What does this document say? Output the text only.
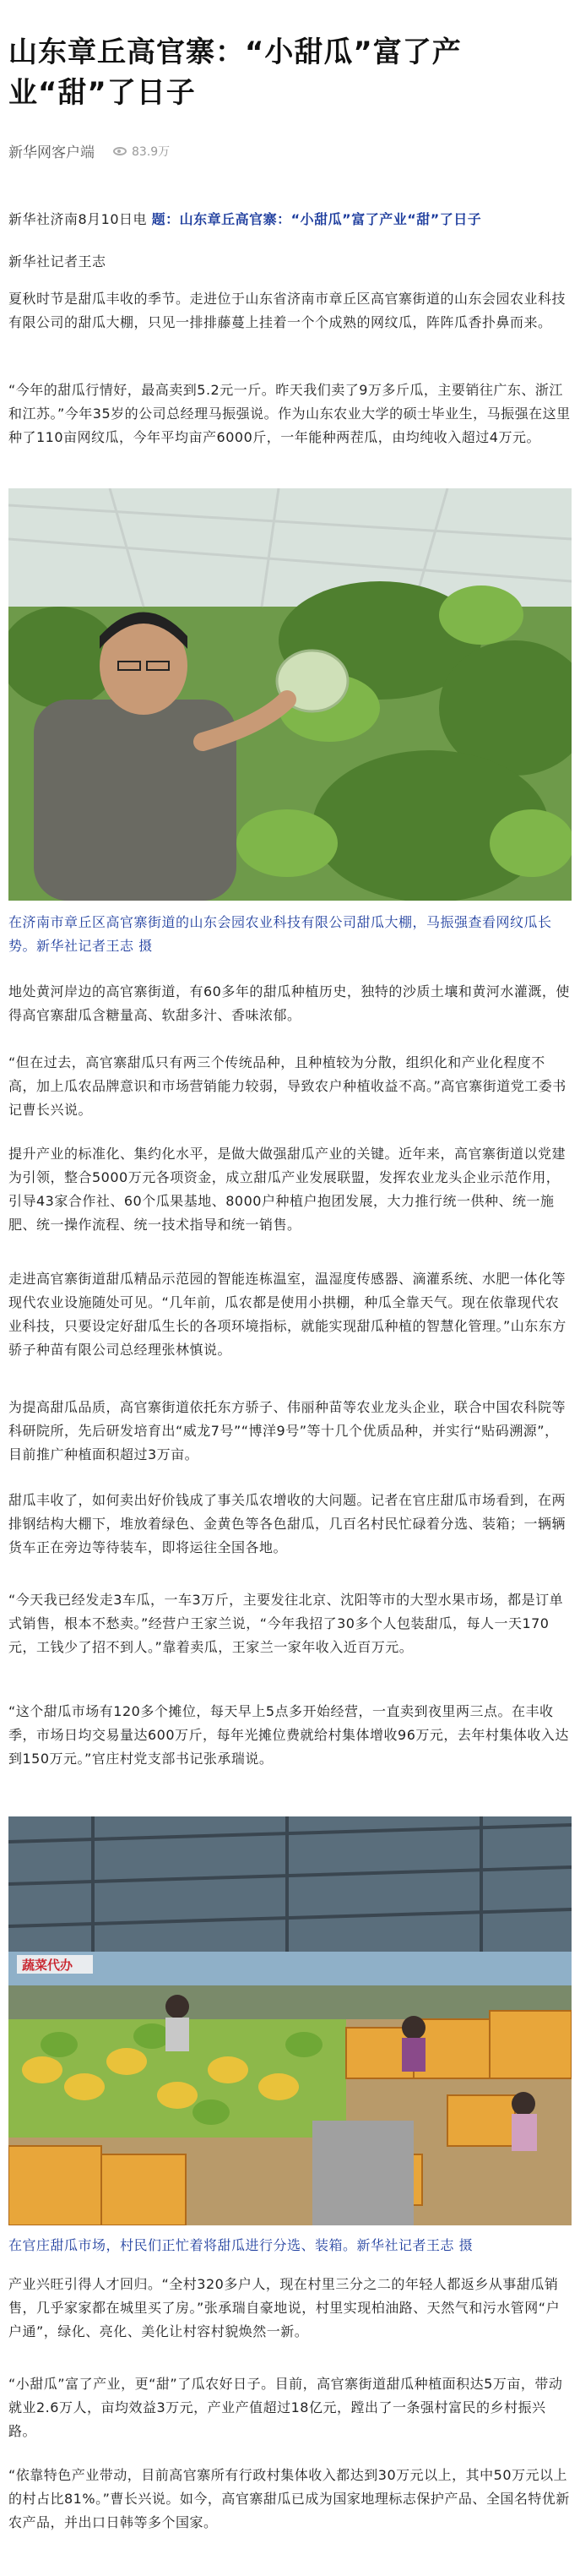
山东章丘高官寨：“小甜瓜”富了产业“甜”了日子
新华网客户端	83.9万

新华社济南8月10日电 题：山东章丘高官寨：“小甜瓜”富了产业“甜”了日子

新华社记者王志

夏秋时节是甜瓜丰收的季节。走进位于山东省济南市章丘区高官寨街道的山东会园农业科技有限公司的甜瓜大棚，只见一排排藤蔓上挂着一个个成熟的网纹瓜，阵阵瓜香扑鼻而来。

“今年的甜瓜行情好，最高卖到5.2元一斤。昨天我们卖了9万多斤瓜，主要销往广东、浙江和江苏。”今年35岁的公司总经理马振强说。作为山东农业大学的硕士毕业生，马振强在这里种了110亩网纹瓜，今年平均亩产6000斤，一年能种两茬瓜，由均纯收入超过4万元。

在济南市章丘区高官寨街道的山东会园农业科技有限公司甜瓜大棚，马振强查看网纹瓜长势。新华社记者王志 摄

地处黄河岸边的高官寨街道，有60多年的甜瓜种植历史，独特的沙质土壤和黄河水灌溉，使得高官寨甜瓜含糖量高、软甜多汁、香味浓郁。

“但在过去，高官寨甜瓜只有两三个传统品种，且种植较为分散，组织化和产业化程度不高，加上瓜农品牌意识和市场营销能力较弱，导致农户种植收益不高。”高官寨街道党工委书记曹长兴说。

提升产业的标准化、集约化水平，是做大做强甜瓜产业的关键。近年来，高官寨街道以党建为引领，整合5000万元各项资金，成立甜瓜产业发展联盟，发挥农业龙头企业示范作用，引导43家合作社、60个瓜果基地、8000户种植户抱团发展，大力推行统一供种、统一施肥、统一操作流程、统一技术指导和统一销售。

走进高官寨街道甜瓜精品示范园的智能连栋温室，温湿度传感器、滴灌系统、水肥一体化等现代农业设施随处可见。“几年前，瓜农都是使用小拱棚，种瓜全靠天气。现在依靠现代农业科技，只要设定好甜瓜生长的各项环境指标，就能实现甜瓜种植的智慧化管理。”山东东方骄子种苗有限公司总经理张林慎说。

为提高甜瓜品质，高官寨街道依托东方骄子、伟丽种苗等农业龙头企业，联合中国农科院等科研院所，先后研发培育出“威龙7号”“博洋9号”等十几个优质品种，并实行“贴码溯源”，目前推广种植面积超过3万亩。

甜瓜丰收了，如何卖出好价钱成了事关瓜农增收的大问题。记者在官庄甜瓜市场看到，在两排钢结构大棚下，堆放着绿色、金黄色等各色甜瓜，几百名村民忙碌着分选、装箱；一辆辆货车正在旁边等待装车，即将运往全国各地。

“今天我已经发走3车瓜，一车3万斤，主要发往北京、沈阳等市的大型水果市场，都是订单式销售，根本不愁卖。”经营户王家兰说，“今年我招了30多个人包装甜瓜，每人一天170元，工钱少了招不到人。”靠着卖瓜，王家兰一家年收入近百万元。

“这个甜瓜市场有120多个摊位，每天早上5点多开始经营，一直卖到夜里两三点。在丰收季，市场日均交易量达600万斤，每年光摊位费就给村集体增收96万元，去年村集体收入达到150万元。”官庄村党支部书记张承瑞说。

蔬菜代办

在官庄甜瓜市场，村民们正忙着将甜瓜进行分选、装箱。新华社记者王志 摄

产业兴旺引得人才回归。“全村320多户人，现在村里三分之二的年轻人都返乡从事甜瓜销售，几乎家家都在城里买了房。”张承瑞自豪地说，村里实现柏油路、天然气和污水管网“户户通”，绿化、亮化、美化让村容村貌焕然一新。

“小甜瓜”富了产业，更“甜”了瓜农好日子。目前，高官寨街道甜瓜种植面积达5万亩，带动就业2.6万人，亩均效益3万元，产业产值超过18亿元，蹚出了一条强村富民的乡村振兴路。

“依靠特色产业带动，目前高官寨所有行政村集体收入都达到30万元以上，其中50万元以上的村占比81%。”曹长兴说。如今，高官寨甜瓜已成为国家地理标志保护产品、全国名特优新农产品，并出口日韩等多个国家。
